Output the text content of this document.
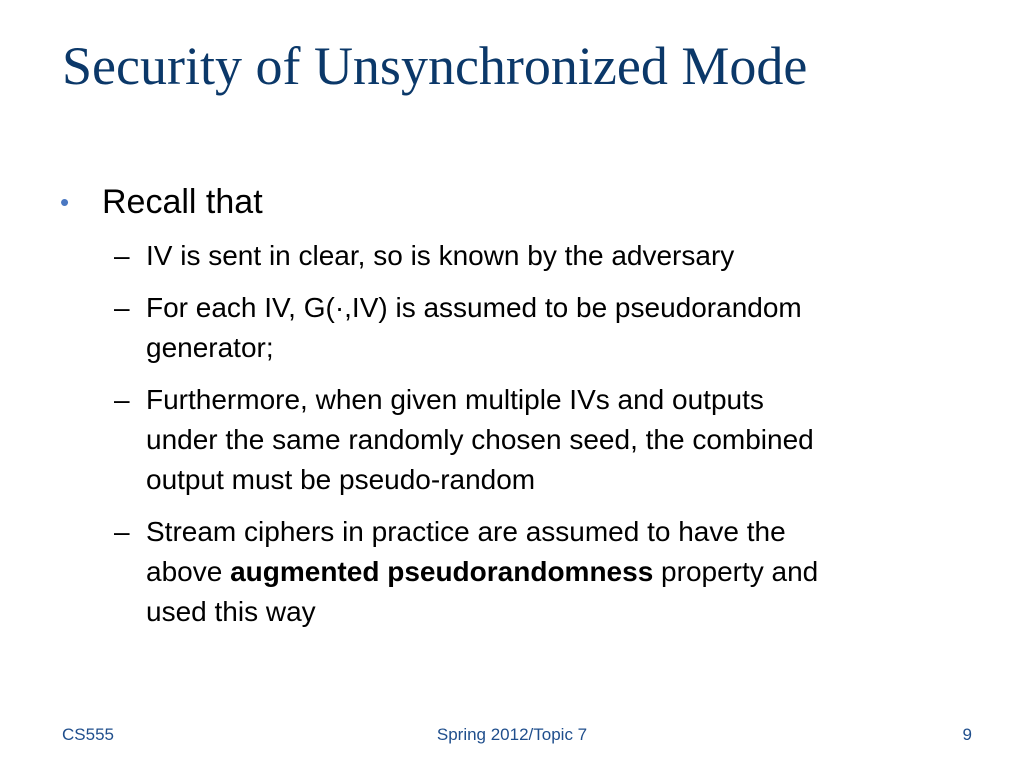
Security of Unsynchronized Mode
• Recall that
– IV is sent in clear, so is known by the adversary
– For each IV, G(·,IV) is assumed to be pseudorandom
generator;
– Furthermore, when given multiple IVs and outputs
under the same randomly chosen seed, the combined
output must be pseudo-random
– Stream ciphers in practice are assumed to have the
above augmented pseudorandomness property and
used this way
CS555	Spring 2012/Topic 7	9
